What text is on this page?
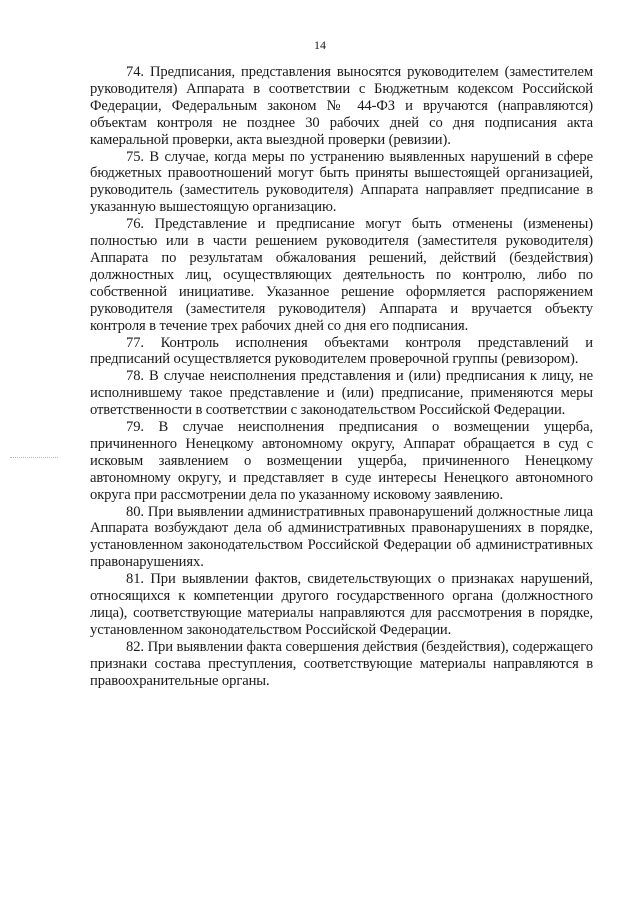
14

74. Предписания, представления выносятся руководителем (заместителем руководителя) Аппарата в соответствии с Бюджетным кодексом Российской Федерации, Федеральным законом № 44-ФЗ и вручаются (направляются) объектам контроля не позднее 30 рабочих дней со дня подписания акта камеральной проверки, акта выездной проверки (ревизии).

75. В случае, когда меры по устранению выявленных нарушений в сфере бюджетных правоотношений могут быть приняты вышестоящей организацией, руководитель (заместитель руководителя) Аппарата направляет предписание в указанную вышестоящую организацию.

76. Представление и предписание могут быть отменены (изменены) полностью или в части решением руководителя (заместителя руководителя) Аппарата по результатам обжалования решений, действий (бездействия) должностных лиц, осуществляющих деятельность по контролю, либо по собственной инициативе. Указанное решение оформляется распоряжением руководителя (заместителя руководителя) Аппарата и вручается объекту контроля в течение трех рабочих дней со дня его подписания.

77. Контроль исполнения объектами контроля представлений и предписаний осуществляется руководителем проверочной группы (ревизором).

78. В случае неисполнения представления и (или) предписания к лицу, не исполнившему такое представление и (или) предписание, применяются меры ответственности в соответствии с законодательством Российской Федерации.

79. В случае неисполнения предписания о возмещении ущерба, причиненного Ненецкому автономному округу, Аппарат обращается в суд с исковым заявлением о возмещении ущерба, причиненного Ненецкому автономному округу, и представляет в суде интересы Ненецкого автономного округа при рассмотрении дела по указанному исковому заявлению.

80. При выявлении административных правонарушений должностные лица Аппарата возбуждают дела об административных правонарушениях в порядке, установленном законодательством Российской Федерации об административных правонарушениях.

81. При выявлении фактов, свидетельствующих о признаках нарушений, относящихся к компетенции другого государственного органа (должностного лица), соответствующие материалы направляются для рассмотрения в порядке, установленном законодательством Российской Федерации.

82. При выявлении факта совершения действия (бездействия), содержащего признаки состава преступления, соответствующие материалы направляются в правоохранительные органы.
